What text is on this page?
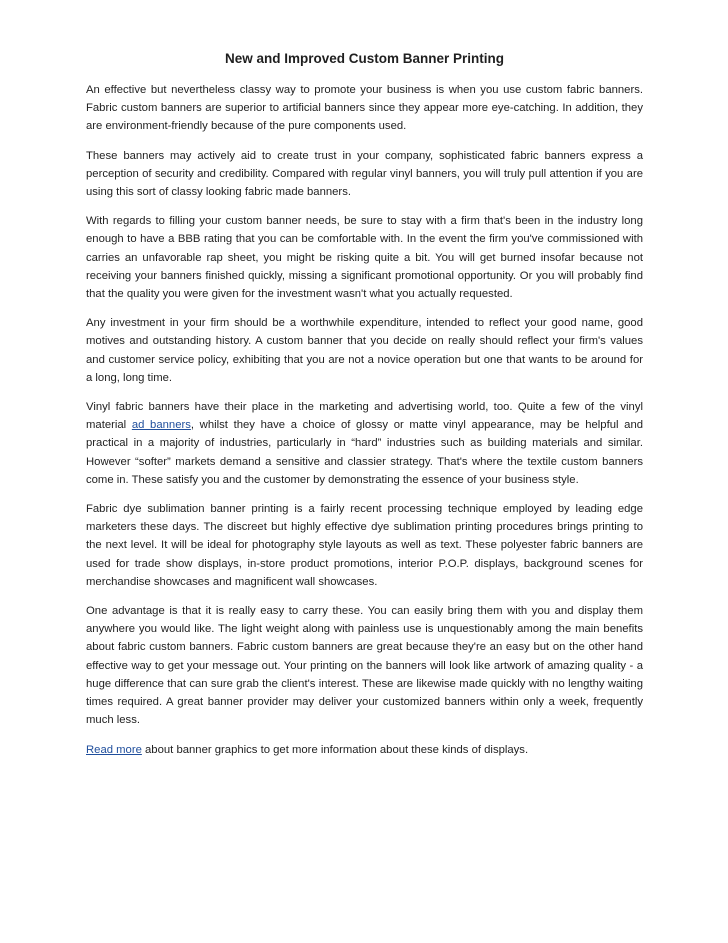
New and Improved Custom Banner Printing

An effective but nevertheless classy way to promote your business is when you use custom fabric banners. Fabric custom banners are superior to artificial banners since they appear more eye-catching. In addition, they are environment-friendly because of the pure components used.

These banners may actively aid to create trust in your company, sophisticated fabric banners express a perception of security and credibility. Compared with regular vinyl banners, you will truly pull attention if you are using this sort of classy looking fabric made banners.

With regards to filling your custom banner needs, be sure to stay with a firm that's been in the industry long enough to have a BBB rating that you can be comfortable with. In the event the firm you've commissioned with carries an unfavorable rap sheet, you might be risking quite a bit. You will get burned insofar because not receiving your banners finished quickly, missing a significant promotional opportunity. Or you will probably find that the quality you were given for the investment wasn't what you actually requested.

Any investment in your firm should be a worthwhile expenditure, intended to reflect your good name, good motives and outstanding history. A custom banner that you decide on really should reflect your firm's values and customer service policy, exhibiting that you are not a novice operation but one that wants to be around for a long, long time.

Vinyl fabric banners have their place in the marketing and advertising world, too. Quite a few of the vinyl material ad banners, whilst they have a choice of glossy or matte vinyl appearance, may be helpful and practical in a majority of industries, particularly in “hard” industries such as building materials and similar. However “softer” markets demand a sensitive and classier strategy. That's where the textile custom banners come in. These satisfy you and the customer by demonstrating the essence of your business style.

Fabric dye sublimation banner printing is a fairly recent processing technique employed by leading edge marketers these days. The discreet but highly effective dye sublimation printing procedures brings printing to the next level. It will be ideal for photography style layouts as well as text. These polyester fabric banners are used for trade show displays, in-store product promotions, interior P.O.P. displays, background scenes for merchandise showcases and magnificent wall showcases.

One advantage is that it is really easy to carry these. You can easily bring them with you and display them anywhere you would like. The light weight along with painless use is unquestionably among the main benefits about fabric custom banners. Fabric custom banners are great because they're an easy but on the other hand effective way to get your message out. Your printing on the banners will look like artwork of amazing quality - a huge difference that can sure grab the client's interest. These are likewise made quickly with no lengthy waiting times required. A great banner provider may deliver your customized banners within only a week, frequently much less.

Read more about banner graphics to get more information about these kinds of displays.
